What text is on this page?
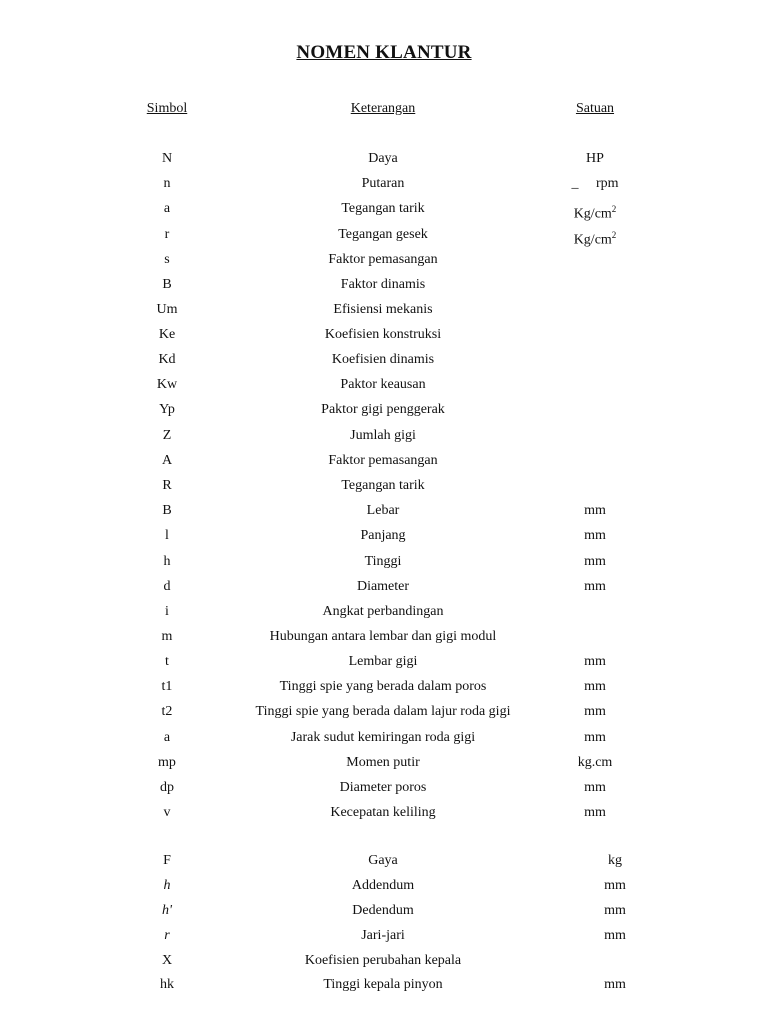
NOMEN KLANTUR
Simbol	Keterangan	Satuan
N	Daya	HP
n	Putaran	_     rpm
a	Tegangan tarik	$Kg/cm^2$
r	Tegangan gesek	$Kg/cm^2$
s	Faktor pemasangan
B	Faktor dinamis
Um	Efisiensi mekanis
Ke	Koefisien konstruksi
Kd	Koefisien dinamis
Kw	Paktor keausan
Yp	Paktor gigi penggerak
Z	Jumlah gigi
A	Faktor pemasangan
R	Tegangan tarik
B	Lebar	mm
l	Panjang	mm
h	Tinggi	mm
d	Diameter	mm
i	Angkat perbandingan
m	Hubungan antara lembar dan gigi modul
t	Lembar gigi	mm
t1	Tinggi spie yang berada dalam poros	mm
t2	Tinggi spie yang berada dalam lajur roda gigi	mm
a	Jarak sudut kemiringan roda gigi	mm
mp	Momen putir	kg.cm
dp	Diameter poros	mm
v	Kecepatan keliling	mm
F	Gaya	kg
h	Addendum	mm
h'	Dedendum	mm
r	Jari-jari	mm
X	Koefisien perubahan kepala
hk	Tinggi kepala pinyon	mm
